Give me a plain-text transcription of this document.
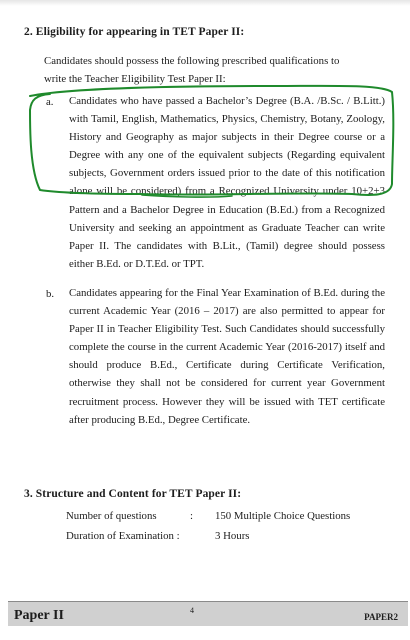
2. Eligibility for appearing in TET Paper II:
Candidates should possess the following prescribed qualifications to
write the Teacher Eligibility Test Paper II:
a. Candidates who have passed a Bachelor’s Degree (B.A. /B.Sc. / B.Litt.) with Tamil, English, Mathematics, Physics, Chemistry, Botany, Zoology, History and Geography as major subjects in their Degree course or a Degree with any one of the equivalent subjects (Regarding equivalent subjects, Government orders issued prior to the date of this notification alone will be considered) from a Recognized University under 10+2+3 Pattern and a Bachelor Degree in Education (B.Ed.) from a Recognized University and seeking an appointment as Graduate Teacher can write Paper II. The candidates with B.Lit., (Tamil) degree should possess either B.Ed. or D.T.Ed. or TPT.
b. Candidates appearing for the Final Year Examination of B.Ed. during the current Academic Year (2016 – 2017) are also permitted to appear for Paper II in Teacher Eligibility Test. Such Candidates should successfully complete the course in the current Academic Year (2016-2017) itself and should produce B.Ed., Certificate during Certificate Verification, otherwise they shall not be considered for current year Government recruitment process. However they will be issued with TET certificate after producing B.Ed., Degree Certificate.
3. Structure and Content for TET Paper II:
Number of questions	: 150 Multiple Choice Questions
Duration of Examination :	3 Hours
Paper II	4
PAPER2
